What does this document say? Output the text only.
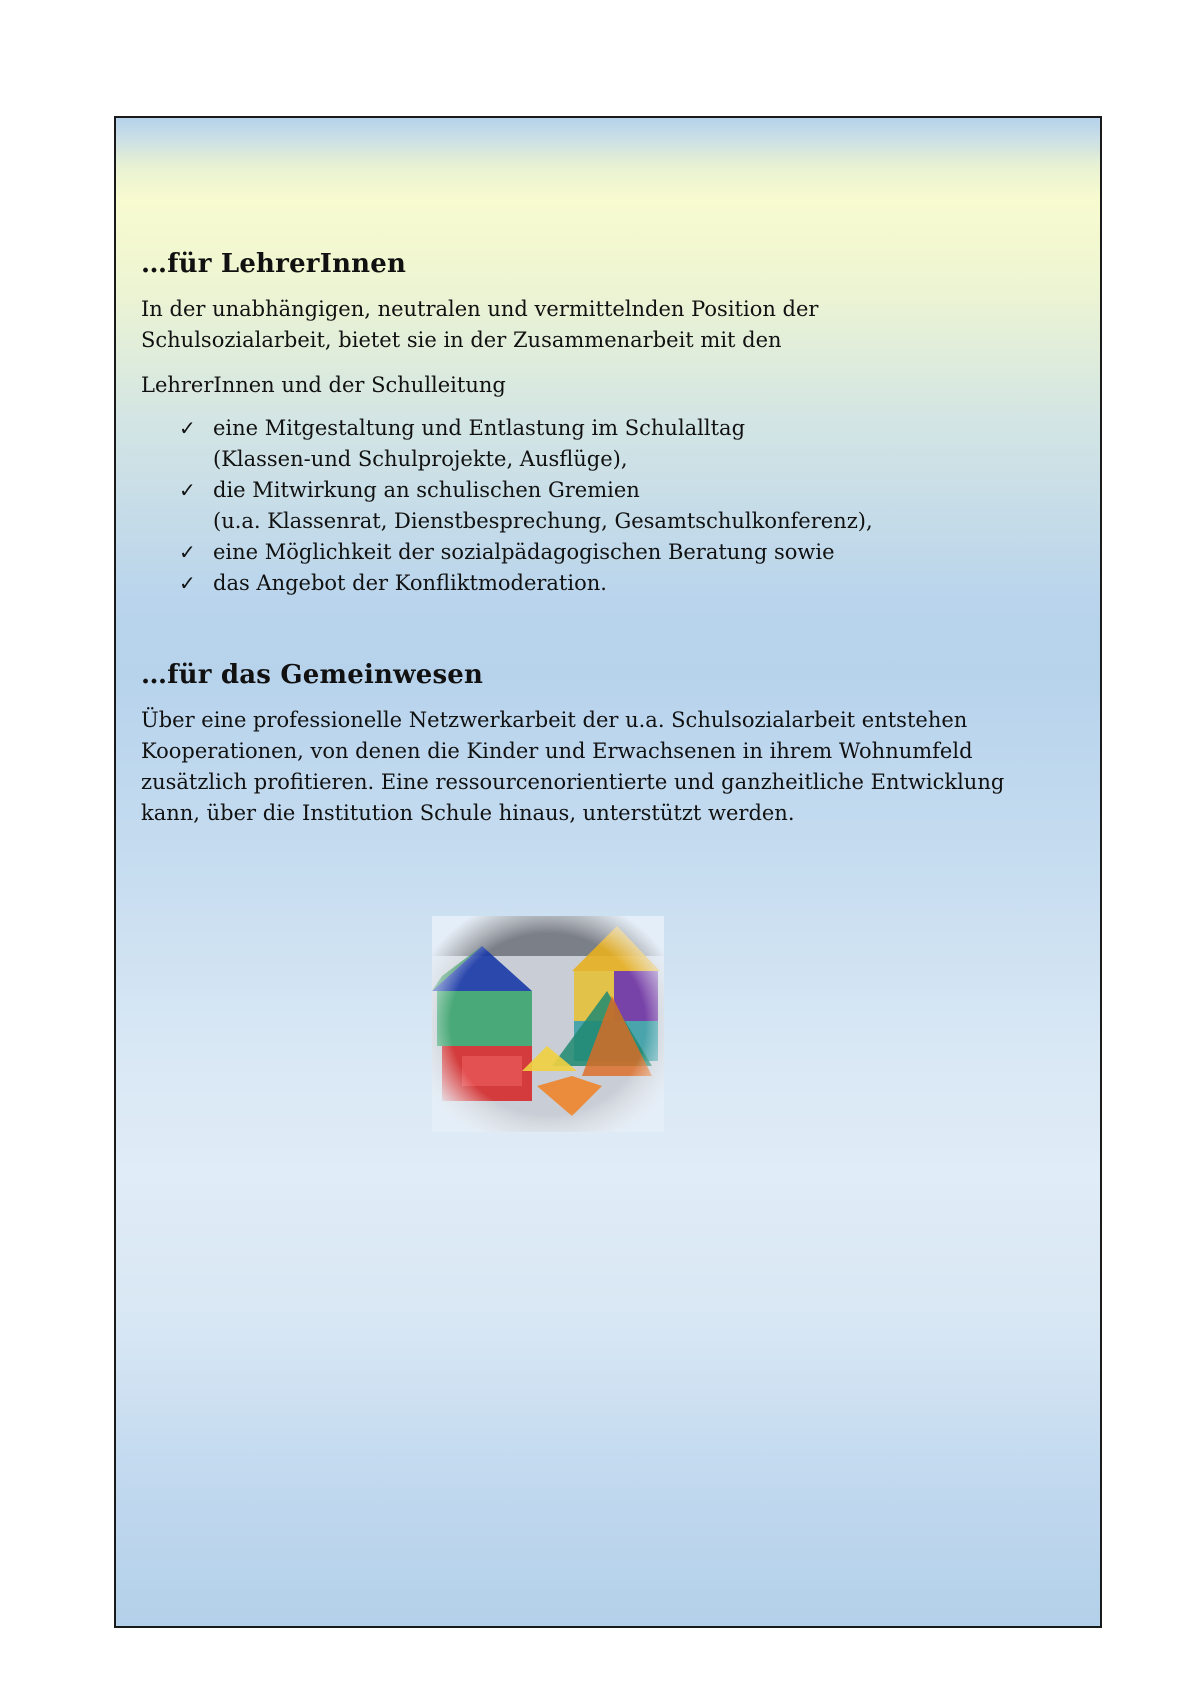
…für LehrerInnen

In der unabhängigen, neutralen und vermittelnden Position der

Schulsozialarbeit, bietet sie in der Zusammenarbeit mit den

LehrerInnen und der Schulleitung

✓ eine Mitgestaltung und Entlastung im Schulalltag
(Klassen-und Schulprojekte, Ausflüge),
✓ die Mitwirkung an schulischen Gremien
(u.a. Klassenrat, Dienstbesprechung, Gesamtschulkonferenz),
✓ eine Möglichkeit der sozialpädagogischen Beratung sowie
✓ das Angebot der Konfliktmoderation.
…für das Gemeinwesen

Über eine professionelle Netzwerkarbeit der u.a. Schulsozialarbeit entstehen

Kooperationen, von denen die Kinder und Erwachsenen in ihrem Wohnumfeld

zusätzlich profitieren. Eine ressourcenorientierte und ganzheitliche Entwicklung

kann, über die Institution Schule hinaus, unterstützt werden.
